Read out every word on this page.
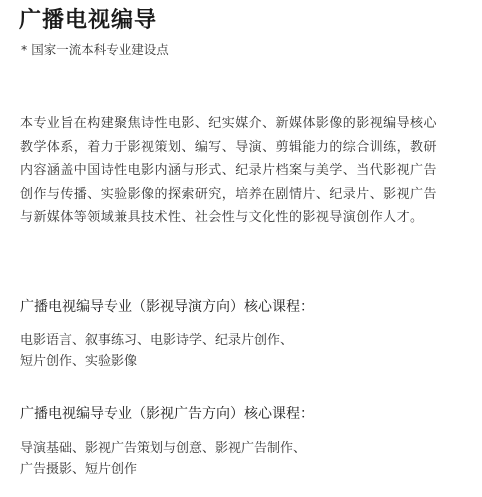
广播电视编导
* 国家一流本科专业建设点
本专业旨在构建聚焦诗性电影、纪实媒介、新媒体影像的影视编导核心
教学体系，着力于影视策划、编写、导演、剪辑能力的综合训练，教研
内容涵盖中国诗性电影内涵与形式、纪录片档案与美学、当代影视广告
创作与传播、实验影像的探索研究，培养在剧情片、纪录片、影视广告
与新媒体等领域兼具技术性、社会性与文化性的影视导演创作人才。
广播电视编导专业（影视导演方向）核心课程：
电影语言、叙事练习、电影诗学、纪录片创作、
短片创作、实验影像
广播电视编导专业（影视广告方向）核心课程：
导演基础、影视广告策划与创意、影视广告制作、
广告摄影、短片创作
